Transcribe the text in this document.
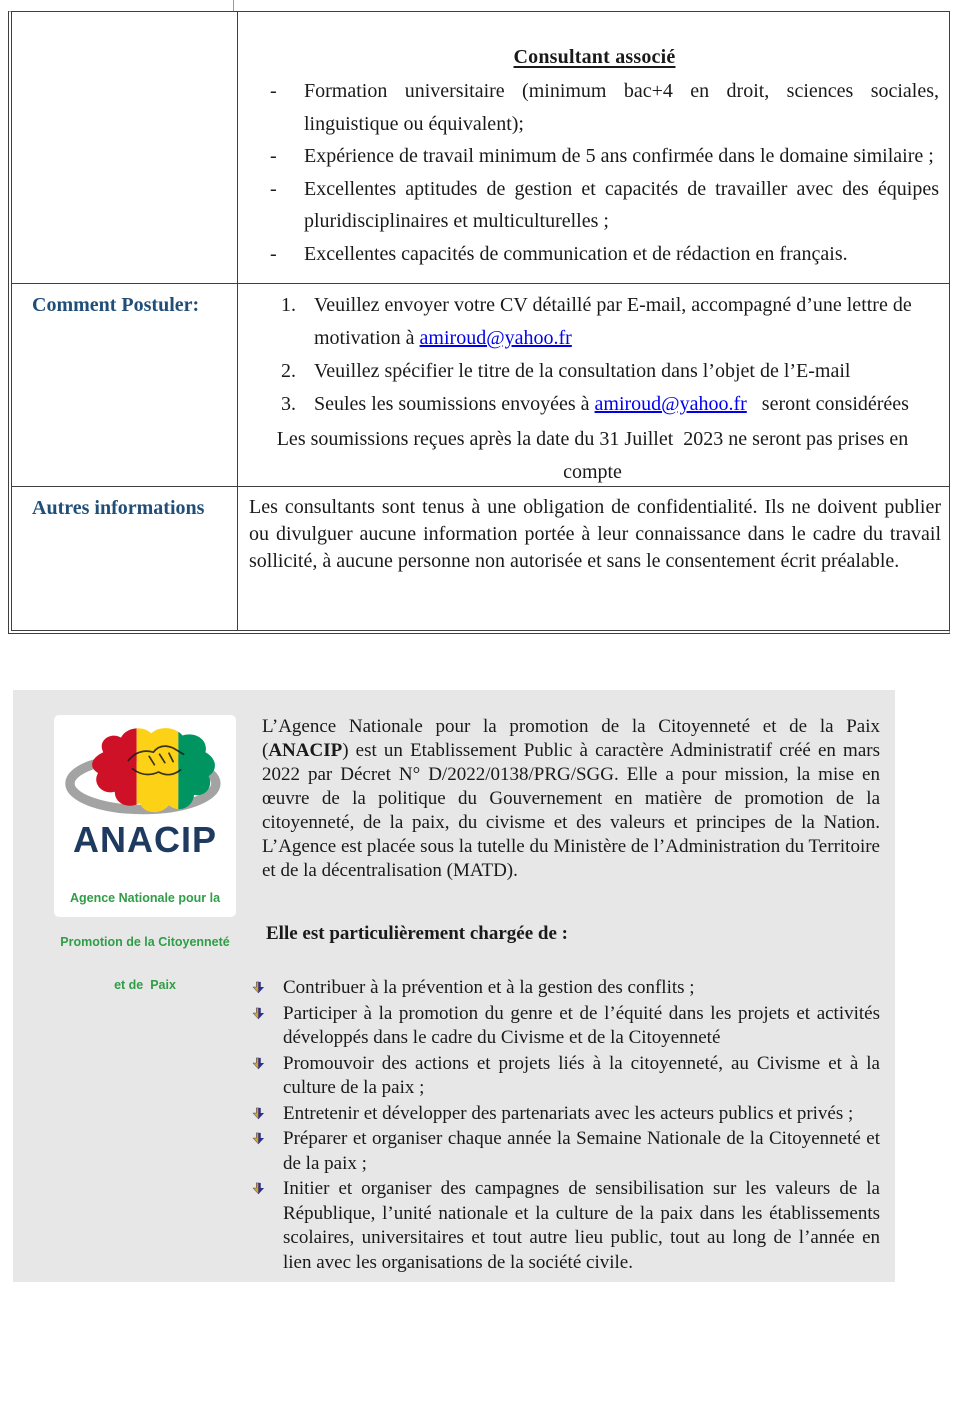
Consultant associé
- Formation universitaire (minimum bac+4 en droit, sciences sociales, linguistique ou équivalent);
- Expérience de travail minimum de 5 ans confirmée dans le domaine similaire ;
- Excellentes aptitudes de gestion et capacités de travailler avec des équipes pluridisciplinaires et multiculturelles ;
- Excellentes capacités de communication et de rédaction en français.
Comment Postuler:	Veuillez envoyer votre CV détaillé par E-mail, accompagné d’une lettre de motivation à amiroud@yahoo.fr
Veuillez spécifier le titre de la consultation dans l’objet de l’E-mail
Seules les soumissions envoyées à amiroud@yahoo.fr   seront considérées
Les soumissions reçues après la date du 31 Juillet  2023 ne seront pas prises en compte
Autres informations	Les consultants sont tenus à une obligation de confidentialité. Ils ne doivent publier ou divulguer aucune information portée à leur connaissance dans le cadre du travail sollicité, à aucune personne non autorisée et sans le consentement écrit préalable.

ANACIP

Agence Nationale pour la

Promotion de la Citoyenneté

et de  Paix

L’Agence Nationale pour la promotion de la Citoyenneté et de la Paix (ANACIP) est un Etablissement Public à caractère Administratif créé en mars 2022 par Décret N° D/2022/0138/PRG/SGG. Elle a pour mission, la mise en œuvre de la politique du Gouvernement en matière de promotion de la citoyenneté, de la paix, du civisme et des valeurs et principes de la Nation. L’Agence est placée sous la tutelle du Ministère de l’Administration du Territoire et de la décentralisation (MATD).

Elle est particulièrement chargée de :
Contribuer à la prévention et à la gestion des conflits ;
Participer à la promotion du genre et de l’équité dans les projets et activités développés dans le cadre du Civisme et de la Citoyenneté
Promouvoir des actions et projets liés à la citoyenneté, au Civisme et à la culture de la paix ;
Entretenir et développer des partenariats avec les acteurs publics et privés ;
Préparer et organiser chaque année la Semaine Nationale de la Citoyenneté et de la paix ;
Initier et organiser des campagnes de sensibilisation sur les valeurs de la République, l’unité nationale et la culture de la paix dans les établissements scolaires, universitaires et tout autre lieu public, tout au long de l’année en lien avec les organisations de la société civile.
